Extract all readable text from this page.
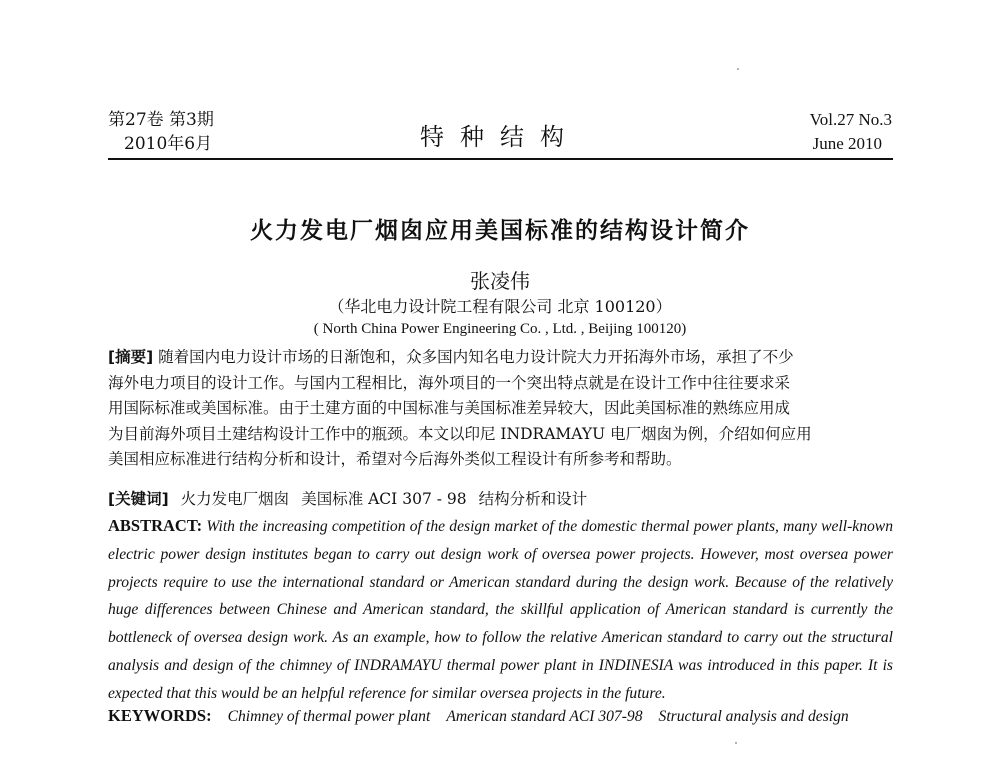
第27卷 第3期
2010年6月	特种结构
Vol.27 No.3
June 2010
火力发电厂烟囱应用美国标准的结构设计简介
张凌伟
（华北电力设计院工程有限公司 北京 100120）
( North China Power Engineering Co. , Ltd. , Beijing 100120)
[摘要] 随着国内电力设计市场的日渐饱和，众多国内知名电力设计院大力开拓海外市场，承担了不少
海外电力项目的设计工作。与国内工程相比，海外项目的一个突出特点就是在设计工作中往往要求采
用国际标准或美国标准。由于土建方面的中国标准与美国标准差异较大，因此美国标准的熟练应用成
为目前海外项目土建结构设计工作中的瓶颈。本文以印尼 INDRAMAYU 电厂烟囱为例，介绍如何应用
美国相应标准进行结构分析和设计，希望对今后海外类似工程设计有所参考和帮助。
[关键词] 火力发电厂烟囱 美国标准 ACI 307 - 98 结构分析和设计

ABSTRACT: With the increasing competition of the design market of the domestic thermal power plants, many well-known electric power design institutes began to carry out design work of oversea power projects. However, most oversea power projects require to use the international standard or American standard during the design work. Because of the relatively huge differences between Chinese and American standard, the skillful application of American standard is currently the bottleneck of oversea design work. As an example, how to follow the relative American standard to carry out the structural analysis and design of the chimney of INDRAMAYU thermal power plant in INDINESIA was introduced in this paper. It is expected that this would be an helpful reference for similar oversea projects in the future.

KEYWORDS: Chimney of thermal power plant American standard ACI 307-98 Structural analysis and design
